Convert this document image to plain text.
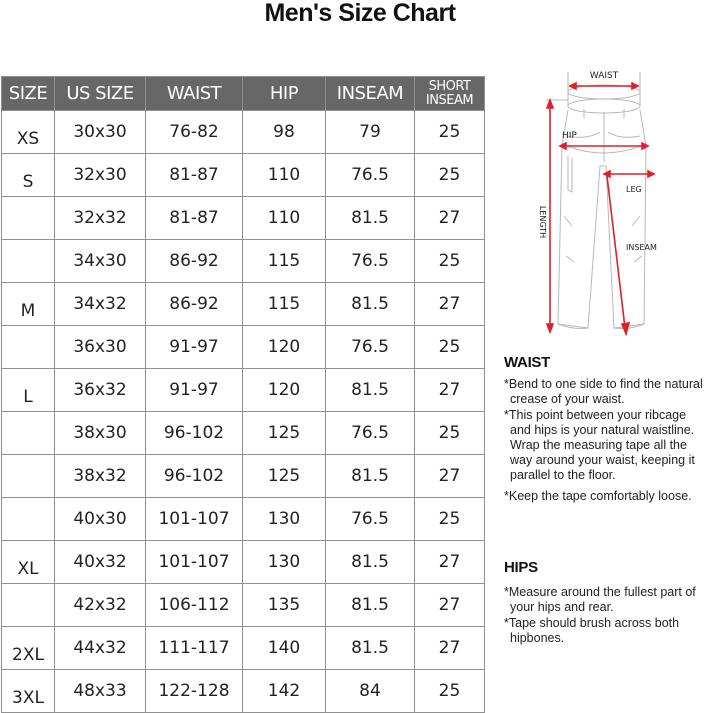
Men's Size Chart
SIZE	US SIZE	WAIST	HIP	INSEAM	SHORT
INSEAM
XS	30x30	76-82	98	79	25
S	32x30	81-87	110	76.5	25
	32x32	81-87	110	81.5	27
	34x30	86-92	115	76.5	25
M	34x32	86-92	115	81.5	27
	36x30	91-97	120	76.5	25
L	36x32	91-97	120	81.5	27
	38x30	96-102	125	76.5	25
	38x32	96-102	125	81.5	27
	40x30	101-107	130	76.5	25
XL	40x32	101-107	130	81.5	27
	42x32	106-112	135	81.5	27
2XL	44x32	111-117	140	81.5	27
3XL	48x33	122-128	142	84	25
WAIST
HIP
LEG
INSEAM
LENGTH
WAIST

*Bend to one side to find the natural
crease of your waist.

*This point between your ribcage
and hips is your natural waistline.
Wrap the measuring tape all the
way around your waist, keeping it
parallel to the floor.

*Keep the tape comfortably loose.

HIPS

*Measure around the fullest part of
your hips and rear.

*Tape should brush across both
hipbones.
